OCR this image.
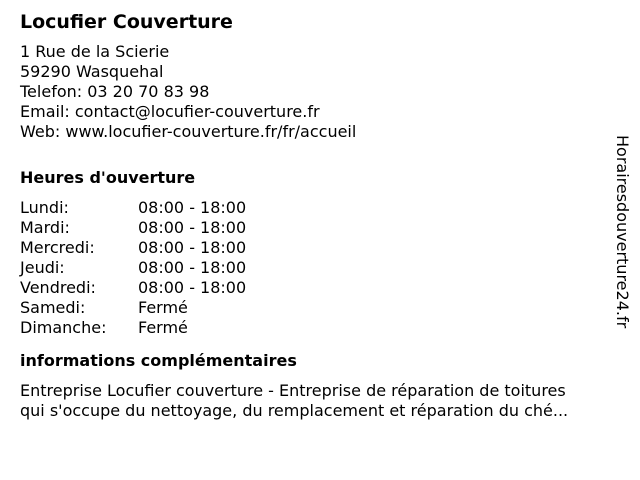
Locufier Couverture
1 Rue de la Scierie
59290 Wasquehal
Telefon: 03 20 70 83 98
Email: contact@locufier-couverture.fr
Web: www.locufier-couverture.fr/fr/accueil
Heures d'ouverture
Lundi:	08:00 - 18:00
Mardi:	08:00 - 18:00
Mercredi:	08:00 - 18:00
Jeudi:	08:00 - 18:00
Vendredi:	08:00 - 18:00
Samedi:	Fermé
Dimanche:	Fermé
informations complémentaires
Entreprise Locufier couverture - Entreprise de réparation de toitures
qui s'occupe du nettoyage, du remplacement et réparation du ché...
Horairesdouverture24.fr
